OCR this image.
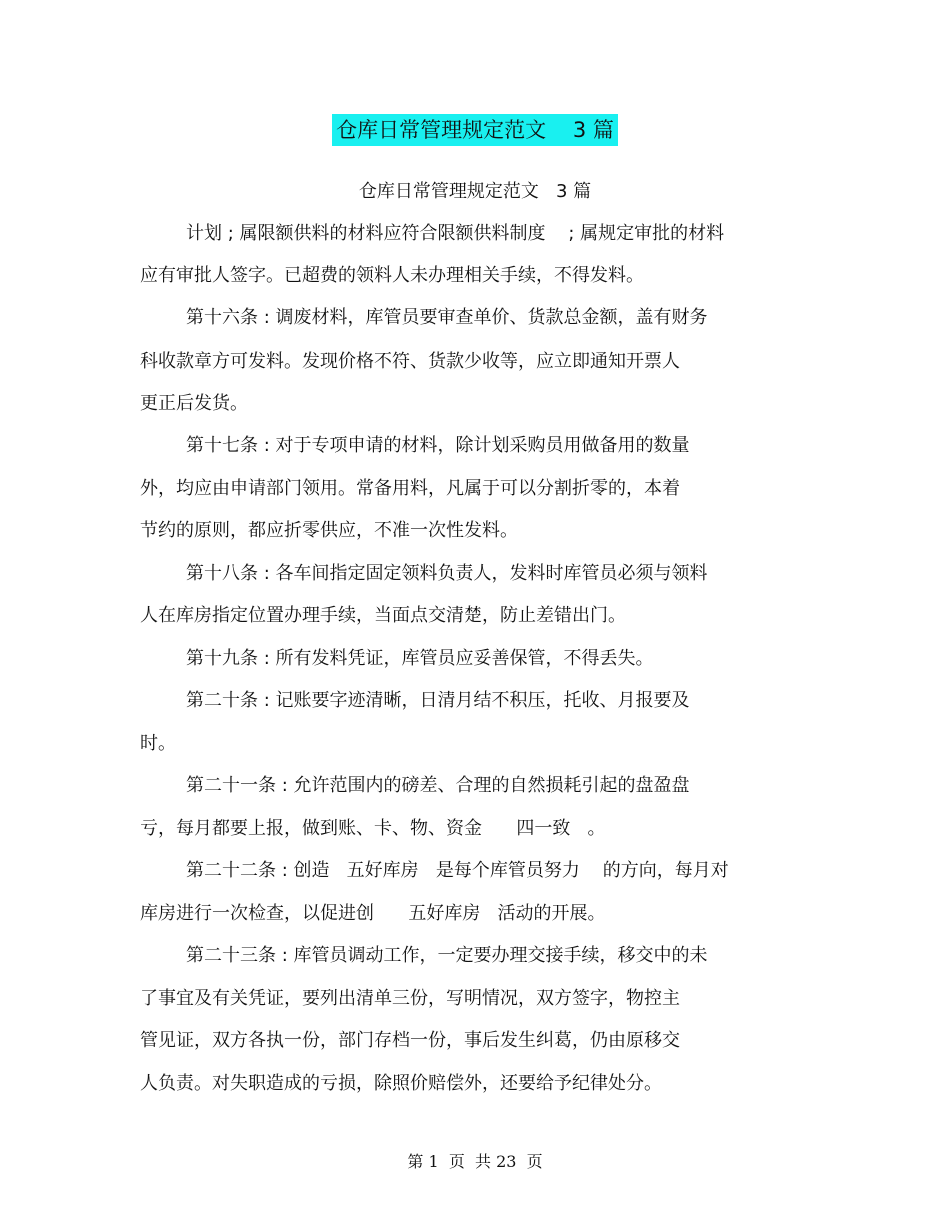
仓库日常管理规定范文    3 篇
仓库日常管理规定范文   3 篇
计划 ; 属限额供料的材料应符合限额供料制度    ; 属规定审批的材料
应有审批人签字。已超费的领料人未办理相关手续，不得发料。
第十六条 : 调废材料，库管员要审查单价、货款总金额，盖有财务
科收款章方可发料。发现价格不符、货款少收等，应立即通知开票人
更正后发货。
第十七条 : 对于专项申请的材料，除计划采购员用做备用的数量
外，均应由申请部门领用。常备用料，凡属于可以分割折零的，本着
节约的原则，都应折零供应，不准一次性发料。
第十八条 : 各车间指定固定领料负责人，发料时库管员必须与领料
人在库房指定位置办理手续，当面点交清楚，防止差错出门。
第十九条 : 所有发料凭证，库管员应妥善保管，不得丢失。
第二十条 : 记账要字迹清晰，日清月结不积压，托收、月报要及
时。
第二十一条 : 允许范围内的磅差、合理的自然损耗引起的盘盈盘
亏，每月都要上报，做到账、卡、物、资金      四一致   。
第二十二条 : 创造   五好库房   是每个库管员努力    的方向，每月对
库房进行一次检查，以促进创      五好库房   活动的开展。
第二十三条 : 库管员调动工作，一定要办理交接手续，移交中的未
了事宜及有关凭证，要列出清单三份，写明情况，双方签字，物控主
管见证，双方各执一份，部门存档一份，事后发生纠葛，仍由原移交
人负责。对失职造成的亏损，除照价赔偿外，还要给予纪律处分。
第 1  页  共 23  页
